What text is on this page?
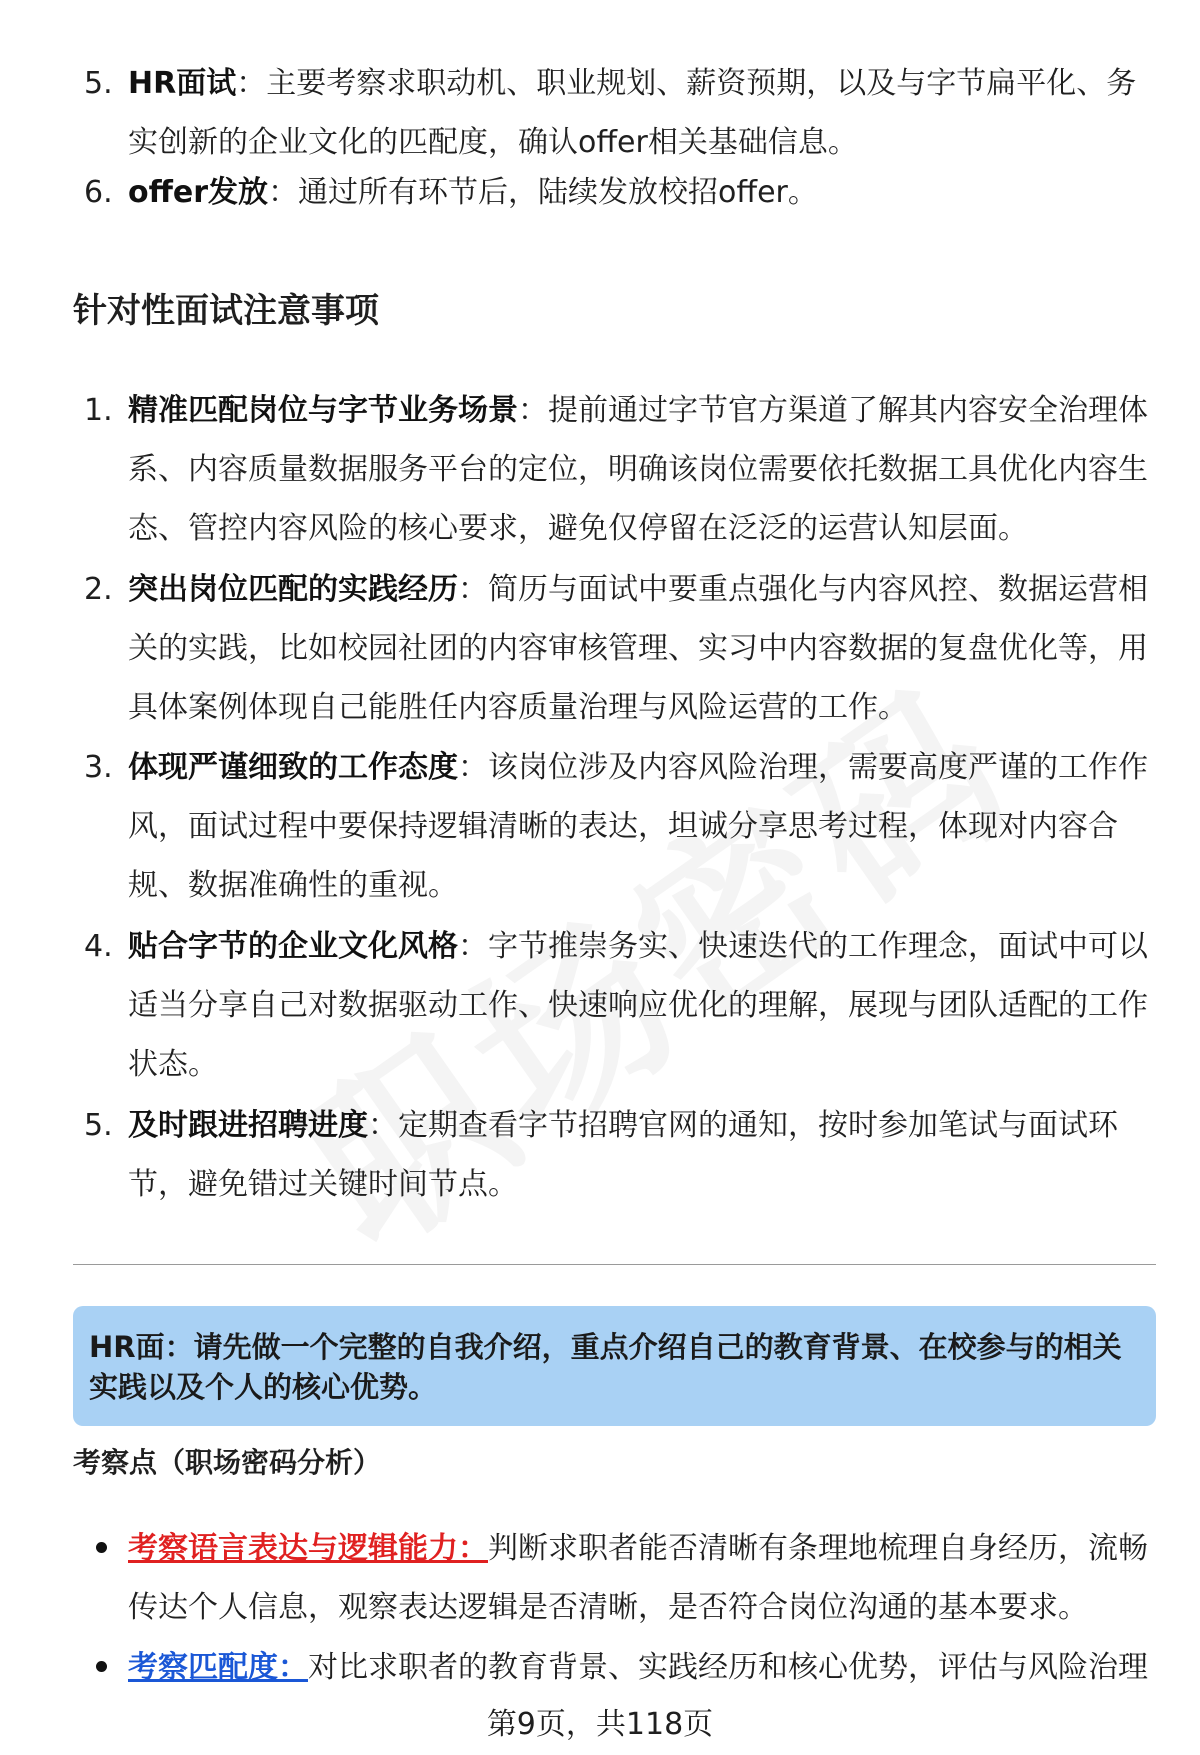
5. HR面试：主要考察求职动机、职业规划、薪资预期，以及与字节扁平化、务实创新的企业文化的匹配度，确认offer相关基础信息。
6. offer发放：通过所有环节后，陆续发放校招offer。
针对性面试注意事项
1. 精准匹配岗位与字节业务场景：提前通过字节官方渠道了解其内容安全治理体系、内容质量数据服务平台的定位，明确该岗位需要依托数据工具优化内容生态、管控内容风险的核心要求，避免仅停留在泛泛的运营认知层面。
2. 突出岗位匹配的实践经历：简历与面试中要重点强化与内容风控、数据运营相关的实践，比如校园社团的内容审核管理、实习中内容数据的复盘优化等，用具体案例体现自己能胜任内容质量治理与风险运营的工作。
3. 体现严谨细致的工作态度：该岗位涉及内容风险治理，需要高度严谨的工作作风，面试过程中要保持逻辑清晰的表达，坦诚分享思考过程，体现对内容合规、数据准确性的重视。
4. 贴合字节的企业文化风格：字节推崇务实、快速迭代的工作理念，面试中可以适当分享自己对数据驱动工作、快速响应优化的理解，展现与团队适配的工作状态。
5. 及时跟进招聘进度：定期查看字节招聘官网的通知，按时参加笔试与面试环节，避免错过关键时间节点。
HR面：请先做一个完整的自我介绍，重点介绍自己的教育背景、在校参与的相关实践以及个人的核心优势。
考察点（职场密码分析）
考察语言表达与逻辑能力：判断求职者能否清晰有条理地梳理自身经历，流畅传达个人信息，观察表达逻辑是否清晰，是否符合岗位沟通的基本要求。
考察匹配度：对比求职者的教育背景、实践经历和核心优势，评估与风险治理
第9页，共118页
